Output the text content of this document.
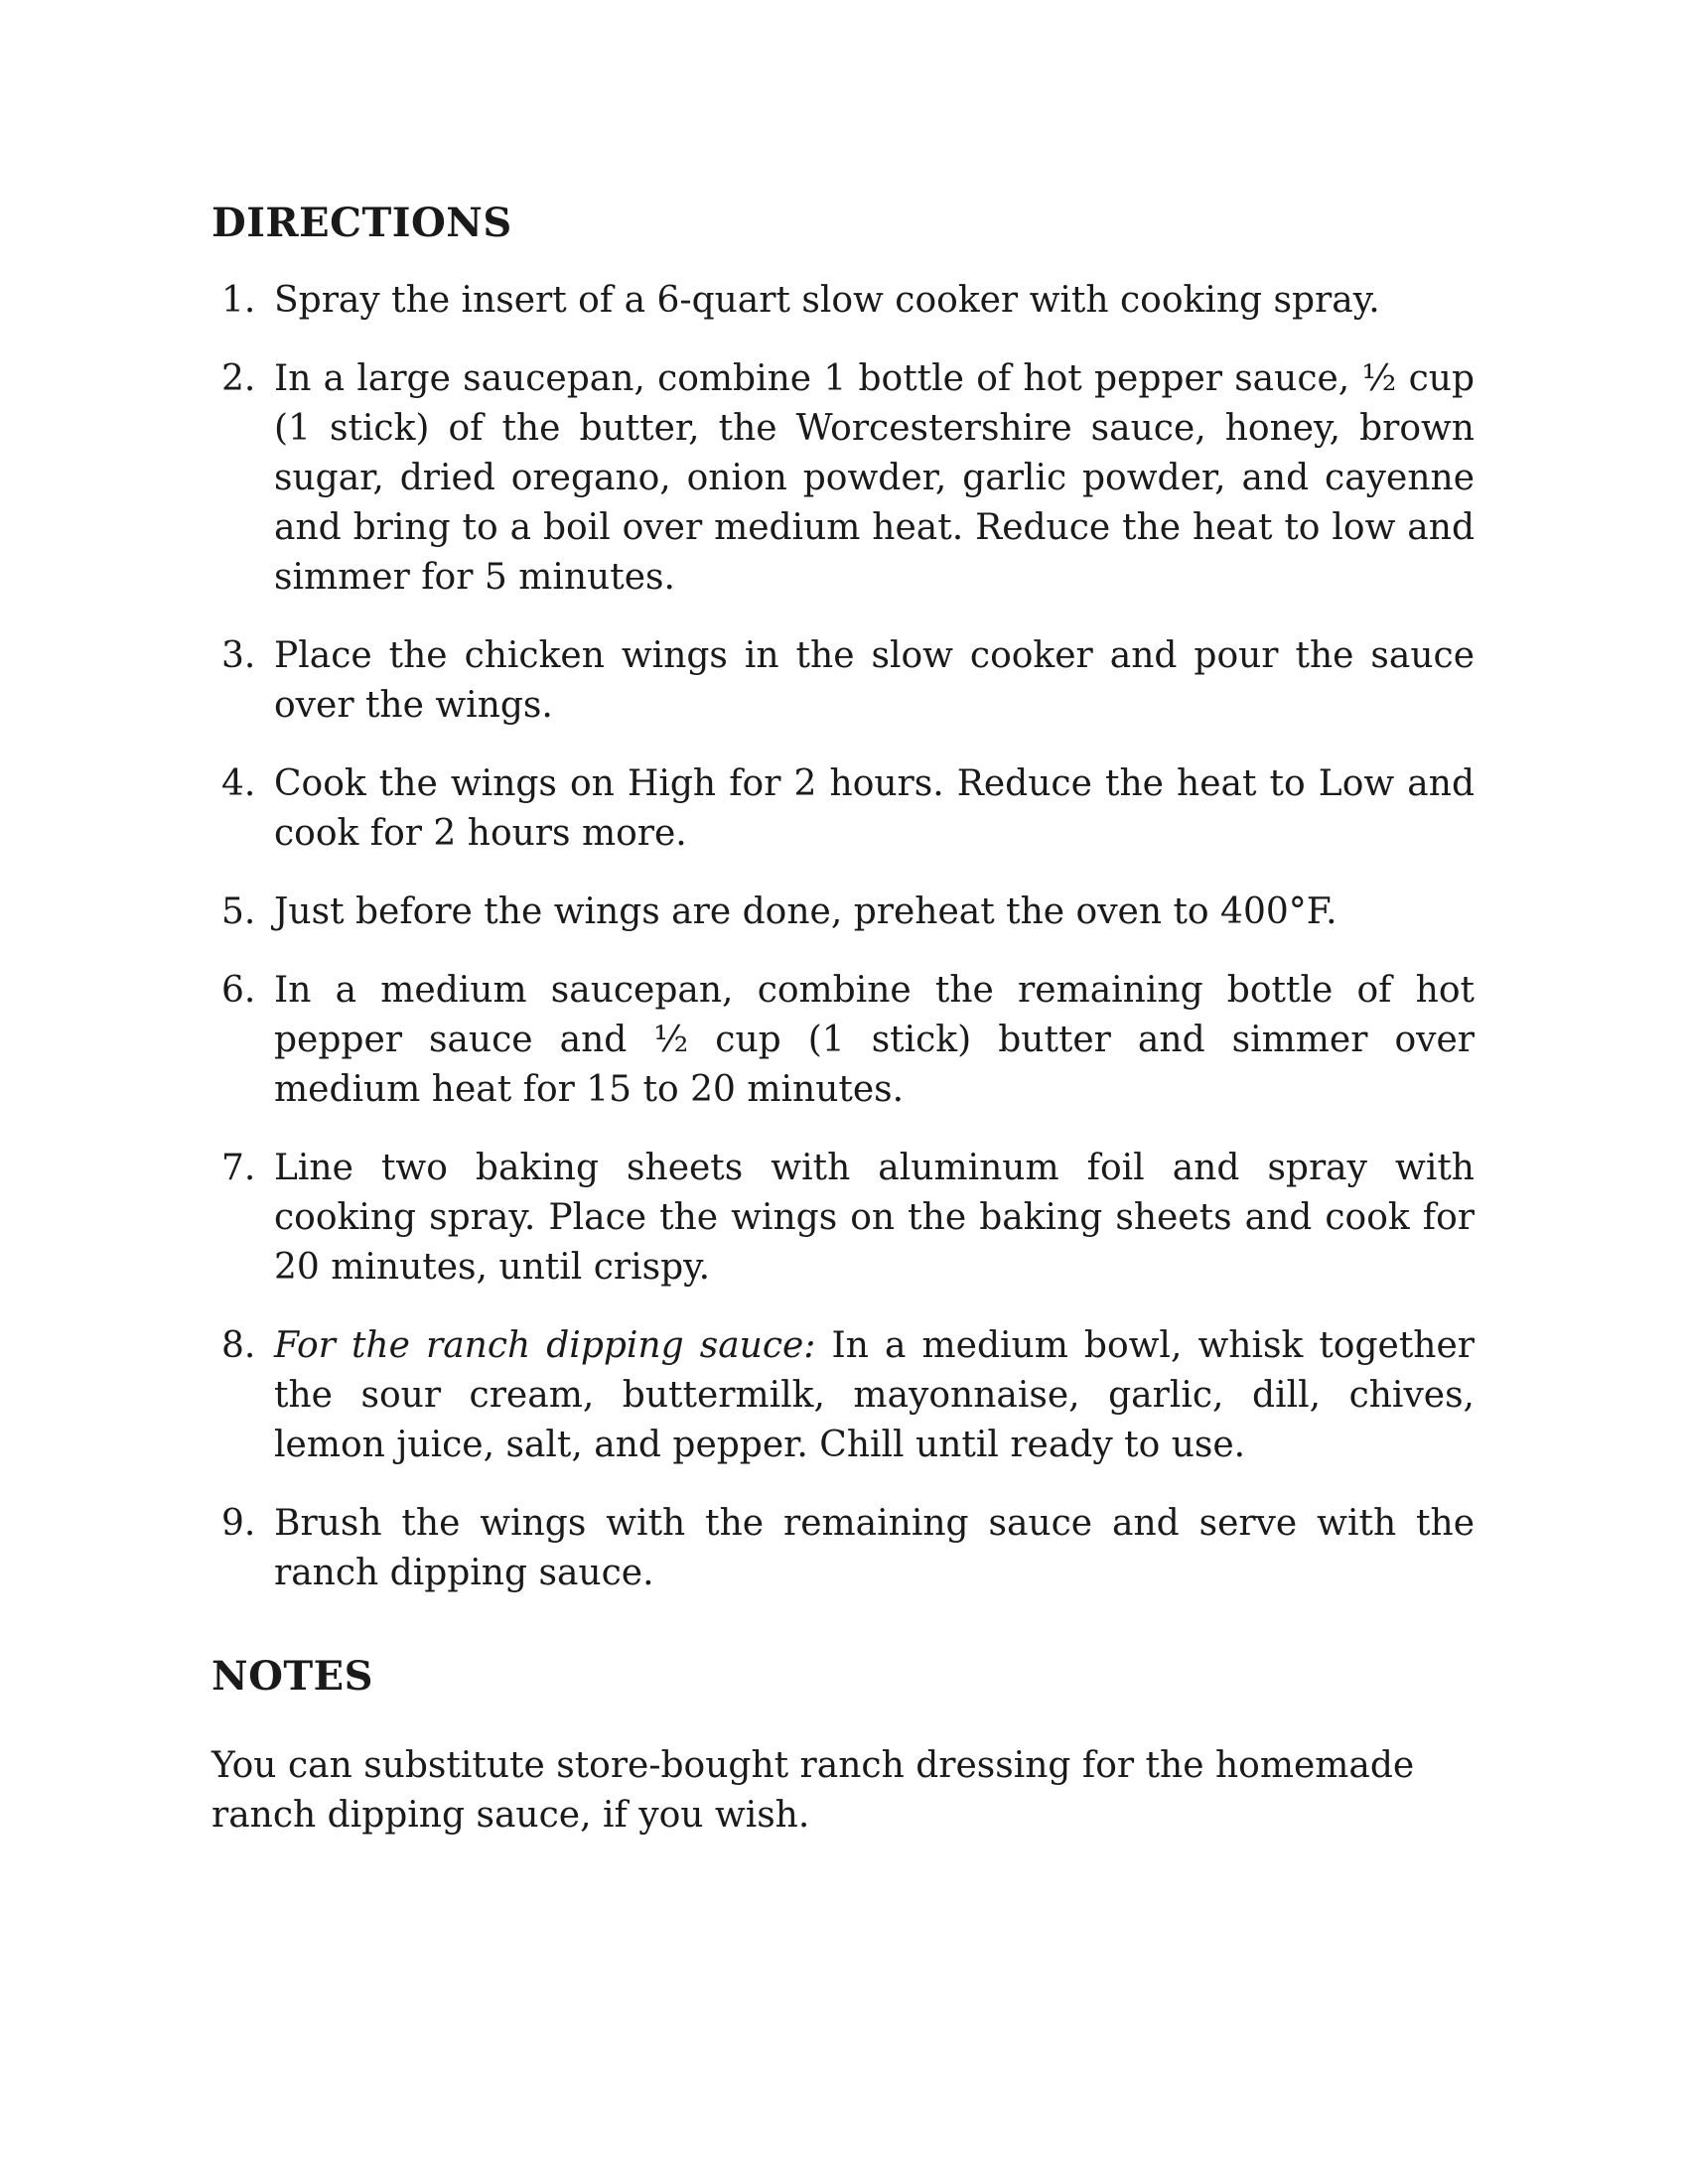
DIRECTIONS
1. Spray the insert of a 6-quart slow cooker with cooking spray.
2. In a large saucepan, combine 1 bottle of hot pepper sauce, ½ cup (1 stick) of the butter, the Worcestershire sauce, honey, brown sugar, dried oregano, onion powder, garlic powder, and cayenne and bring to a boil over medium heat. Reduce the heat to low and simmer for 5 minutes.
3. Place the chicken wings in the slow cooker and pour the sauce over the wings.
4. Cook the wings on High for 2 hours. Reduce the heat to Low and cook for 2 hours more.
5. Just before the wings are done, preheat the oven to 400°F.
6. In a medium saucepan, combine the remaining bottle of hot pepper sauce and ½ cup (1 stick) butter and simmer over medium heat for 15 to 20 minutes.
7. Line two baking sheets with aluminum foil and spray with cooking spray. Place the wings on the baking sheets and cook for 20 minutes, until crispy.
8. For the ranch dipping sauce: In a medium bowl, whisk together the sour cream, buttermilk, mayonnaise, garlic, dill, chives, lemon juice, salt, and pepper. Chill until ready to use.
9. Brush the wings with the remaining sauce and serve with the ranch dipping sauce.
NOTES

You can substitute store-bought ranch dressing for the homemade ranch dipping sauce, if you wish.
